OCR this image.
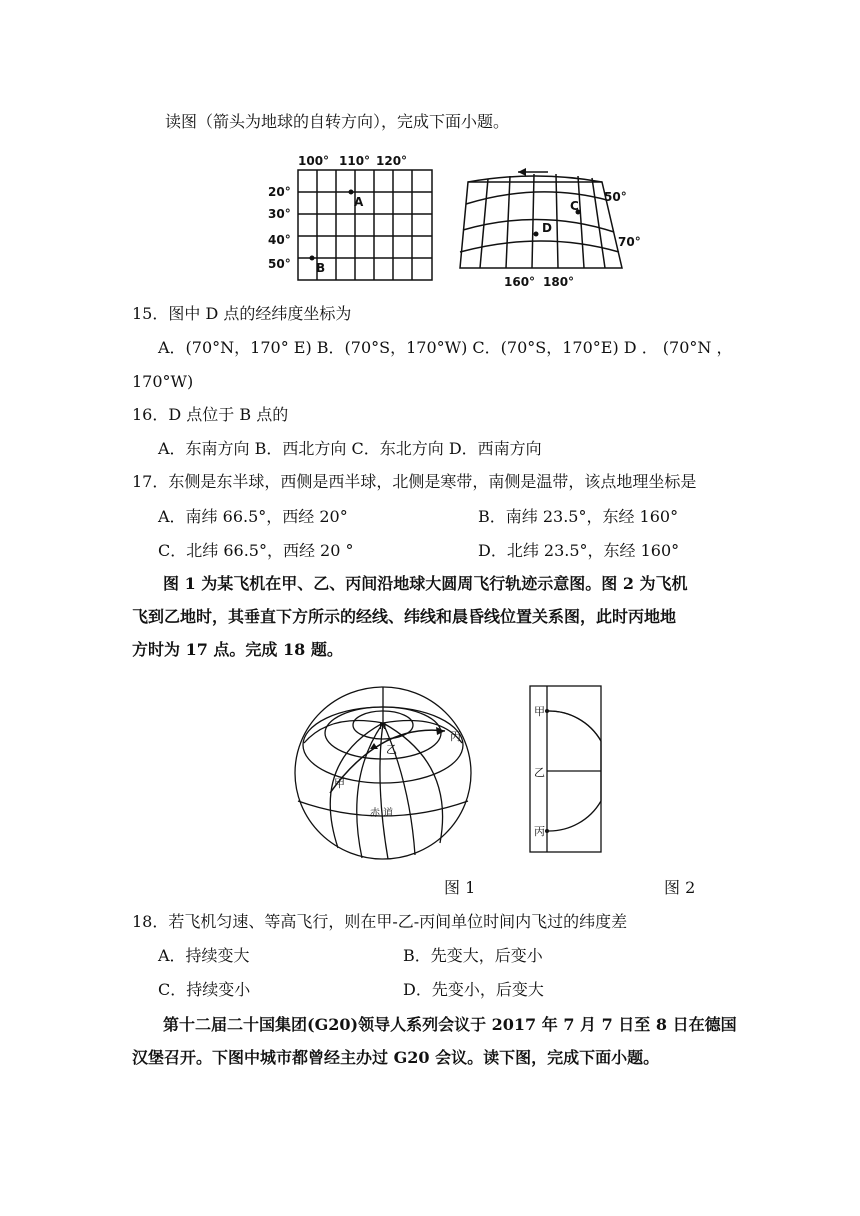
读图（箭头为地球的自转方向），完成下面小题。
100° 110° 120°
20°
30°
40°
50°
A
B
50°
70°
160° 180°
C
D
15．图中 D 点的经纬度坐标为
A．(70°N，170° E) B．(70°S，170°W) C．(70°S，170°E) D ． (70°N ，
170°W)
16．D 点位于 B 点的
A．东南方向 B．西北方向 C．东北方向 D．西南方向
17．东侧是东半球，西侧是西半球，北侧是寒带，南侧是温带，该点地理坐标是
A．南纬 66.5°，西经 20°	B．南纬 23.5°，东经 160°
C．北纬 66.5°，西经 20 °	D．北纬 23.5°，东经 160°
图 1 为某飞机在甲、乙、丙间沿地球大圆周飞行轨迹示意图。图 2 为飞机
飞到乙地时，其垂直下方所示的经线、纬线和晨昏线位置关系图，此时丙地地
方时为 17 点。完成 18 题。
N
甲
乙
丙
赤 道
甲
乙
丙
图 1	图 2
18．若飞机匀速、等高飞行，则在甲-乙-丙间单位时间内飞过的纬度差
A．持续变大	B．先变大，后变小
C．持续变小	D．先变小，后变大
第十二届二十国集团(G20)领导人系列会议于 2017 年 7 月 7 日至 8 日在德国
汉堡召开。下图中城市都曾经主办过 G20 会议。读下图，完成下面小题。
